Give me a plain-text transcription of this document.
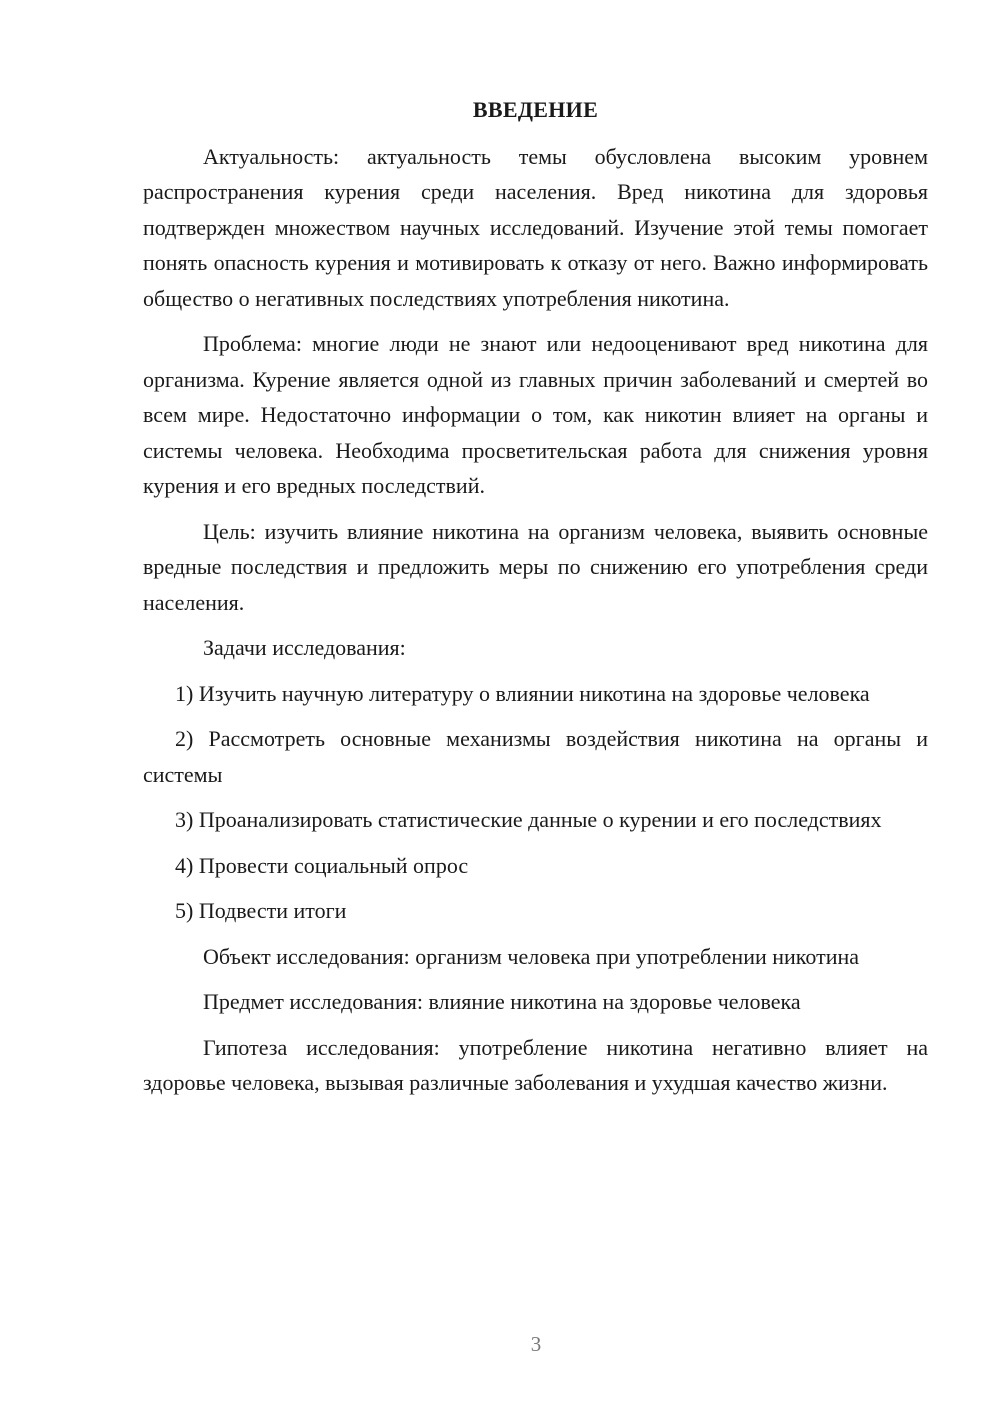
ВВЕДЕНИЕ

Актуальность: актуальность темы обусловлена высоким уровнем распространения курения среди населения. Вред никотина для здоровья подтвержден множеством научных исследований. Изучение этой темы помогает понять опасность курения и мотивировать к отказу от него. Важно информировать общество о негативных последствиях употребления никотина.

Проблема: многие люди не знают или недооценивают вред никотина для организма. Курение является одной из главных причин заболеваний и смертей во всем мире. Недостаточно информации о том, как никотин влияет на органы и системы человека. Необходима просветительская работа для снижения уровня курения и его вредных последствий.

Цель: изучить влияние никотина на организм человека, выявить основные вредные последствия и предложить меры по снижению его употребления среди населения.

Задачи исследования:

1) Изучить научную литературу о влиянии никотина на здоровье человека

2) Рассмотреть основные механизмы воздействия никотина на органы и системы

3) Проанализировать статистические данные о курении и его последствиях

4) Провести социальный опрос

5) Подвести итоги

Объект исследования: организм человека при употреблении никотина

Предмет исследования: влияние никотина на здоровье человека

Гипотеза исследования: употребление никотина негативно влияет на здоровье человека, вызывая различные заболевания и ухудшая качество жизни.

3
